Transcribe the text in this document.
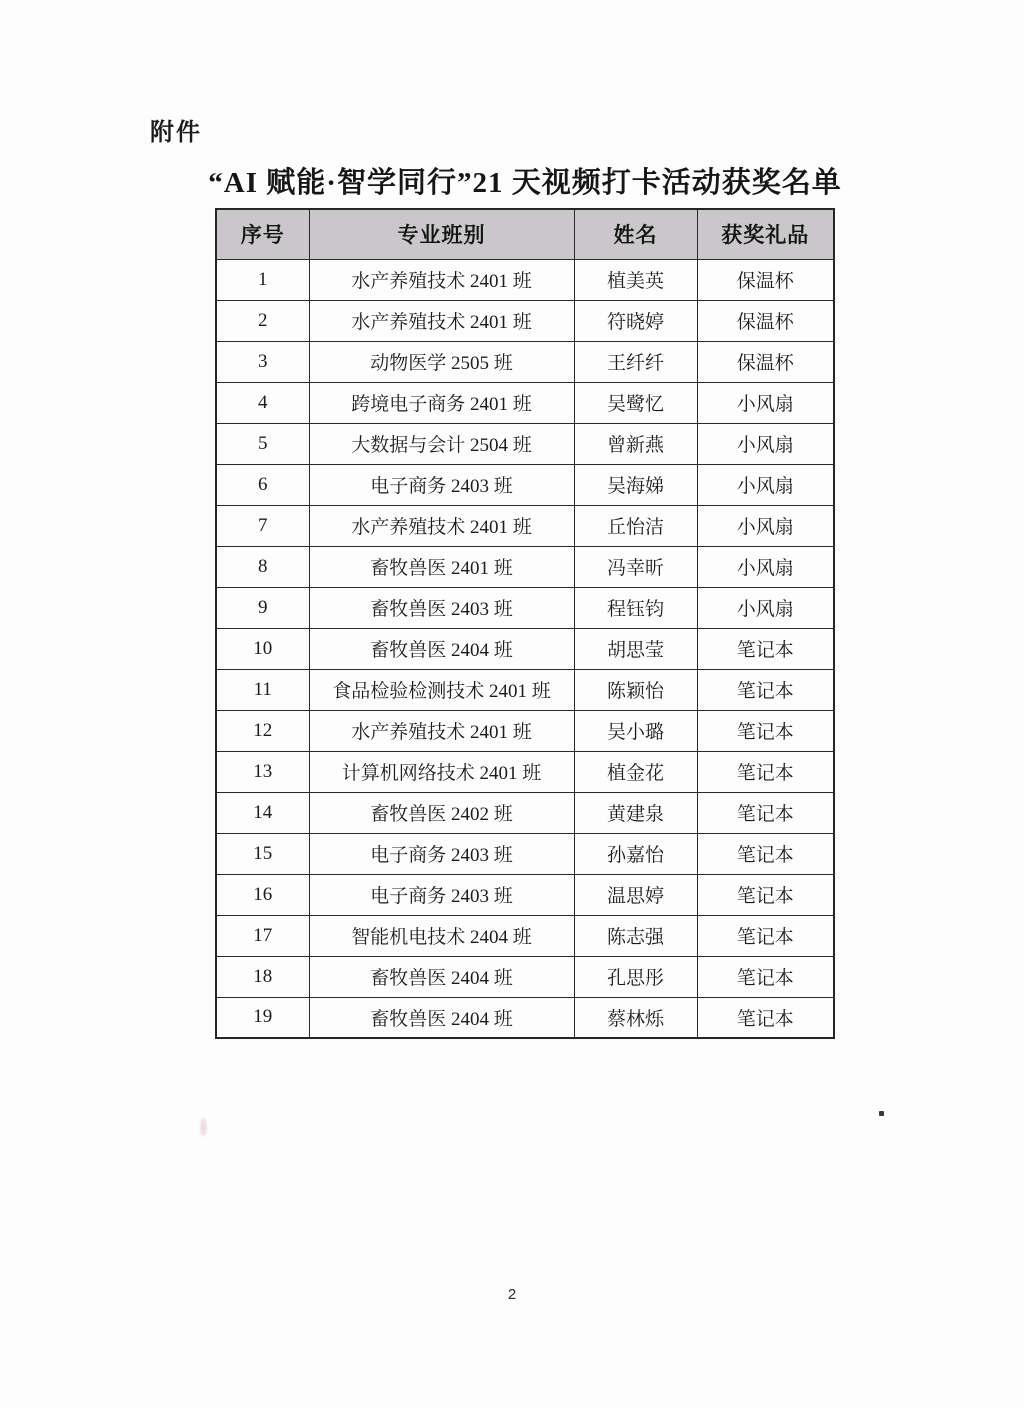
附件
“AI 赋能·智学同行”21 天视频打卡活动获奖名单
序号	专业班别	姓名	获奖礼品
1	水产养殖技术 2401 班	植美英	保温杯
2	水产养殖技术 2401 班	符晓婷	保温杯
3	动物医学 2505 班	王纤纤	保温杯
4	跨境电子商务 2401 班	吴鹭忆	小风扇
5	大数据与会计 2504 班	曾新燕	小风扇
6	电子商务 2403 班	吴海娣	小风扇
7	水产养殖技术 2401 班	丘怡洁	小风扇
8	畜牧兽医 2401 班	冯幸昕	小风扇
9	畜牧兽医 2403 班	程钰钧	小风扇
10	畜牧兽医 2404 班	胡思莹	笔记本
11	食品检验检测技术 2401 班	陈颖怡	笔记本
12	水产养殖技术 2401 班	吴小璐	笔记本
13	计算机网络技术 2401 班	植金花	笔记本
14	畜牧兽医 2402 班	黄建泉	笔记本
15	电子商务 2403 班	孙嘉怡	笔记本
16	电子商务 2403 班	温思婷	笔记本
17	智能机电技术 2404 班	陈志强	笔记本
18	畜牧兽医 2404 班	孔思彤	笔记本
19	畜牧兽医 2404 班	蔡林烁	笔记本
2
